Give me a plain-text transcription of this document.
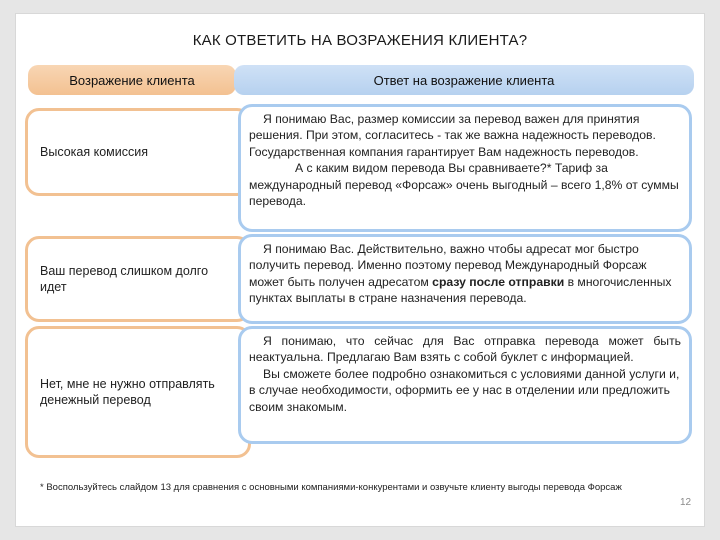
КАК ОТВЕТИТЬ НА ВОЗРАЖЕНИЯ КЛИЕНТА?
Возражение клиента	Ответ на возражение клиента
Высокая комиссия

Я понимаю Вас, размер комиссии за перевод важен для принятия решения. При этом, согласитесь - так же важна надежность переводов. Государственная компания гарантирует Вам надежность переводов.

А с каким видом перевода Вы сравниваете?* Тариф за международный перевод «Форсаж» очень выгодный – всего 1,8% от суммы перевода.

Ваш перевод слишком долго идет

Я понимаю Вас. Действительно, важно чтобы адресат мог быстро получить перевод. Именно поэтому перевод Международный Форсаж может быть получен адресатом сразу после отправки в многочисленных пунктах выплаты в стране назначения перевода.

Нет, мне не нужно отправлять денежный перевод

Я понимаю, что сейчас для Вас отправка перевода может быть неактуальна. Предлагаю Вам взять с собой буклет с информацией.

Вы сможете более подробно ознакомиться с условиями данной услуги и, в случае необходимости, оформить ее у нас в отделении или предложить своим знакомым.

* Воспользуйтесь слайдом 13 для сравнения с основными компаниями-конкурентами и озвучьте клиенту выгоды перевода Форсаж
12
